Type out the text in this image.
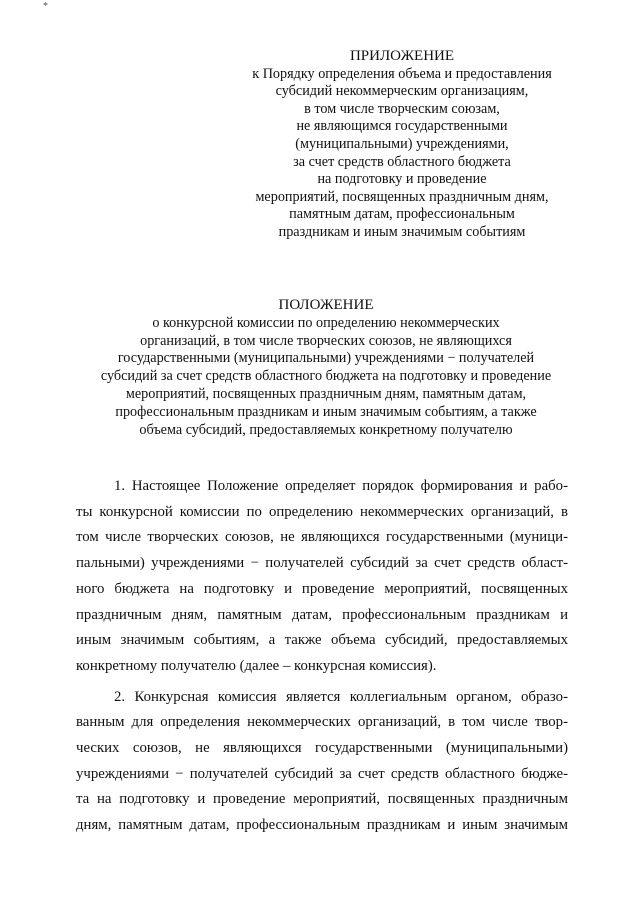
*
ПРИЛОЖЕНИЕ
к Порядку определения объема и предоставления
субсидий некоммерческим организациям,
в том числе творческим союзам,
не являющимся государственными
(муниципальными) учреждениями,
за счет средств областного бюджета
на подготовку и проведение
мероприятий, посвященных праздничным дням,
памятным датам, профессиональным
праздникам и иным значимым событиям
ПОЛОЖЕНИЕ
о конкурсной комиссии по определению некоммерческих
организаций, в том числе творческих союзов, не являющихся
государственными (муниципальными) учреждениями − получателей
субсидий за счет средств областного бюджета на подготовку и проведение
мероприятий, посвященных праздничным дням, памятным датам,
профессиональным праздникам и иным значимым событиям, а также
объема субсидий, предоставляемых конкретному получателю
1. Настоящее Положение определяет порядок формирования и рабо-
ты конкурсной комиссии по определению некоммерческих организаций, в
том числе творческих союзов, не являющихся государственными (муници-
пальными) учреждениями − получателей субсидий за счет средств област-
ного бюджета на подготовку и проведение мероприятий, посвященных
праздничным дням, памятным датам, профессиональным праздникам и
иным значимым событиям, а также объема субсидий, предоставляемых
конкретному получателю (далее – конкурсная комиссия).
2. Конкурсная комиссия является коллегиальным органом, образо-
ванным для определения некоммерческих организаций, в том числе твор-
ческих союзов, не являющихся государственными (муниципальными)
учреждениями − получателей субсидий за счет средств областного бюдже-
та на подготовку и проведение мероприятий, посвященных праздничным
дням, памятным датам, профессиональным праздникам и иным значимым
